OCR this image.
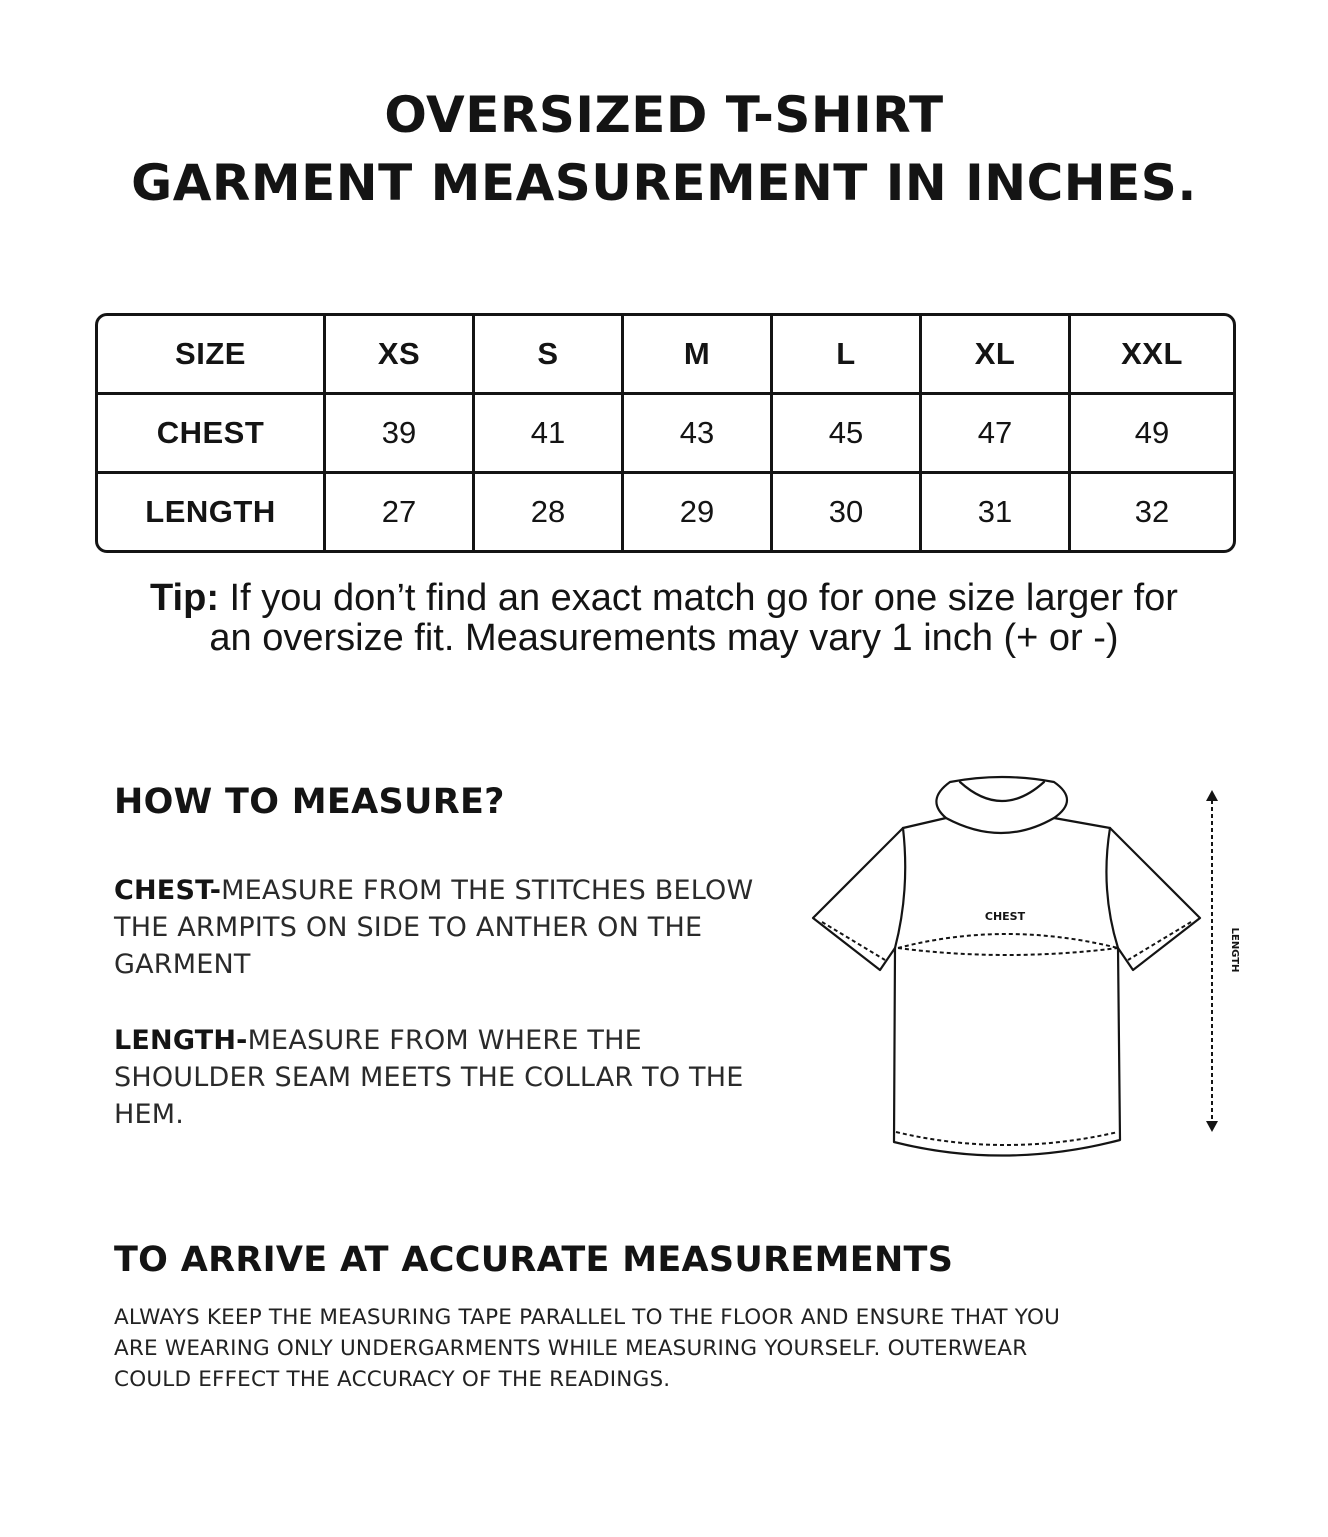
OVERSIZED T-SHIRT
GARMENT MEASUREMENT IN INCHES.
SIZE	XS	S	M	L	XL	XXL
CHEST	39	41	43	45	47	49
LENGTH	27	28	29	30	31	32
Tip: If you don’t find an exact match go for one size larger for
an oversize fit. Measurements may vary 1 inch (+ or -)
HOW TO MEASURE?
CHEST-MEASURE FROM THE STITCHES BELOW THE ARMPITS ON SIDE TO ANTHER ON THE GARMENT
LENGTH-MEASURE FROM WHERE THE SHOULDER SEAM MEETS THE COLLAR TO THE HEM.
CHEST
LENGTH
TO ARRIVE AT ACCURATE MEASUREMENTS
ALWAYS KEEP THE MEASURING TAPE PARALLEL TO THE FLOOR AND ENSURE THAT YOU ARE WEARING ONLY UNDERGARMENTS WHILE MEASURING YOURSELF. OUTERWEAR COULD EFFECT THE ACCURACY OF THE READINGS.
